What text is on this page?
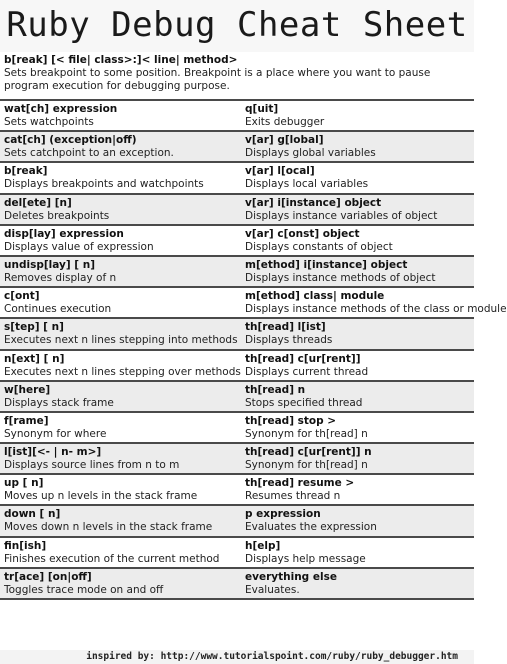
Ruby Debug Cheat Sheet
b[reak] [< file| class>:]< line| method>
Sets breakpoint to some position. Breakpoint is a place where you want to pause program execution for debugging purpose.
wat[ch] expression
Sets watchpoints
q[uit]
Exits debugger
cat[ch] (exception|off)
Sets catchpoint to an exception.
v[ar] g[lobal]
Displays global variables
b[reak]
Displays breakpoints and watchpoints
v[ar] l[ocal]
Displays local variables
del[ete] [n]
Deletes breakpoints
v[ar] i[instance] object
Displays instance variables of object
disp[lay] expression
Displays value of expression
v[ar] c[onst] object
Displays constants of object
undisp[lay] [ n]
Removes display of n
m[ethod] i[instance] object
Displays instance methods of object
c[ont]
Continues execution
m[ethod] class| module
Displays instance methods of the class or module
s[tep] [ n]
Executes next n lines stepping into methods
th[read] l[ist]
Displays threads
n[ext] [ n]
Executes next n lines stepping over methods
th[read] c[ur[rent]]
Displays current thread
w[here]
Displays stack frame
th[read] n
Stops specified thread
f[rame]
Synonym for where
th[read] stop >
Synonym for th[read] n
l[ist][<- | n- m>]
Displays source lines from n to m
th[read] c[ur[rent]] n
Synonym for th[read] n
up [ n]
Moves up n levels in the stack frame
th[read] resume >
Resumes thread n
down [ n]
Moves down n levels in the stack frame
p expression
Evaluates the expression
fin[ish]
Finishes execution of the current method
h[elp]
Displays help message
tr[ace] [on|off]
Toggles trace mode on and off
everything else
Evaluates.
inspired by: http://www.tutorialspoint.com/ruby/ruby_debugger.htm
